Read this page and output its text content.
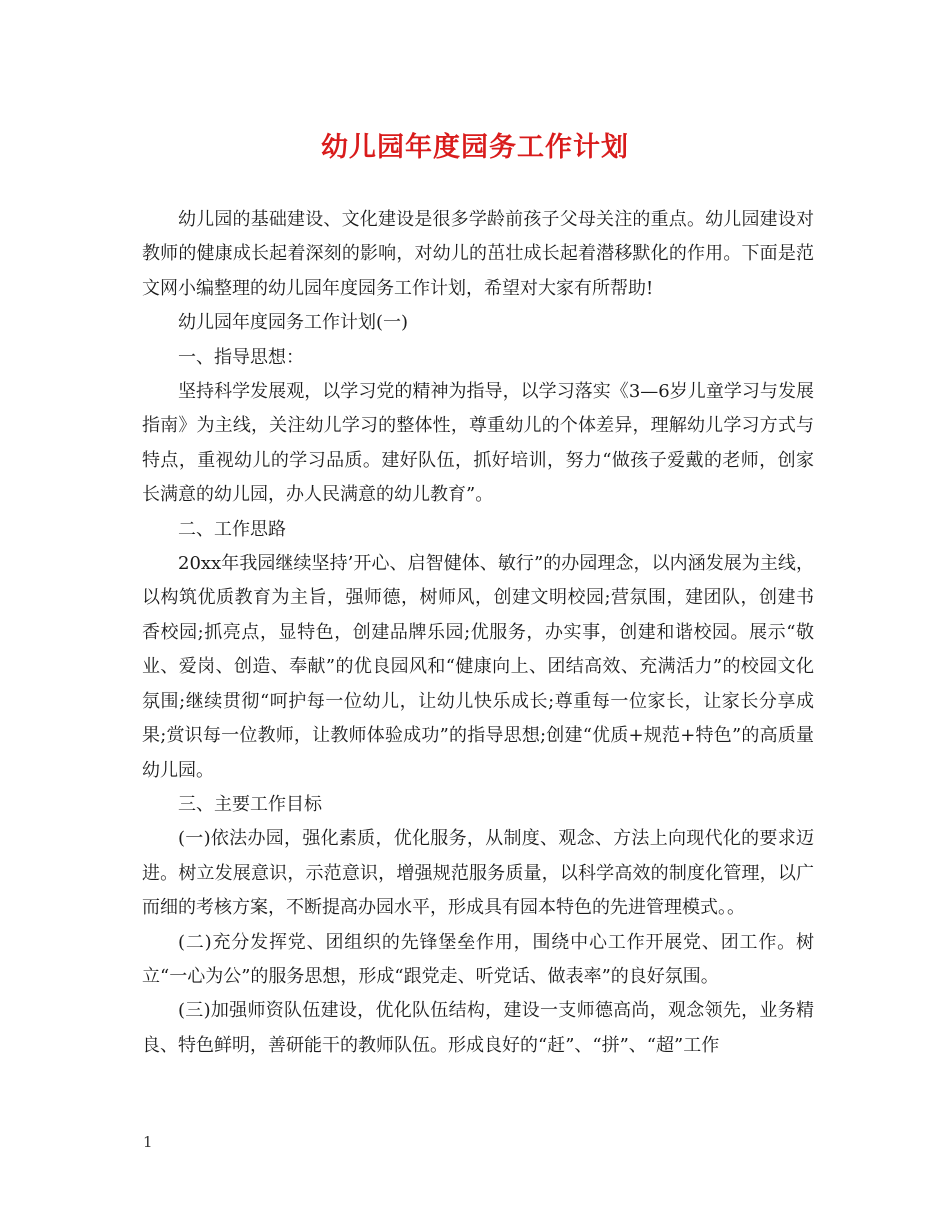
幼儿园年度园务工作计划

幼儿园的基础建设、文化建设是很多学龄前孩子父母关注的重点。幼儿园建设对教师的健康成长起着深刻的影响，对幼儿的茁壮成长起着潜移默化的作用。下面是范文网小编整理的幼儿园年度园务工作计划，希望对大家有所帮助!

幼儿园年度园务工作计划(一)

一、指导思想：

坚持科学发展观，以学习党的精神为指导，以学习落实《3—6岁儿童学习与发展指南》为主线，关注幼儿学习的整体性，尊重幼儿的个体差异，理解幼儿学习方式与特点，重视幼儿的学习品质。建好队伍，抓好培训，努力“做孩子爱戴的老师，创家长满意的幼儿园，办人民满意的幼儿教育”。

二、工作思路

20xx年我园继续坚持’开心、启智健体、敏行”的办园理念，以内涵发展为主线，以构筑优质教育为主旨，强师德，树师风，创建文明校园;营氛围，建团队，创建书香校园;抓亮点，显特色，创建品牌乐园;优服务，办实事，创建和谐校园。展示“敬业、爱岗、创造、奉献”的优良园风和“健康向上、团结高效、充满活力”的校园文化氛围;继续贯彻“呵护每一位幼儿，让幼儿快乐成长;尊重每一位家长，让家长分享成果;赏识每一位教师，让教师体验成功”的指导思想;创建“优质+规范+特色”的高质量幼儿园。

三、主要工作目标

(一)依法办园，强化素质，优化服务，从制度、观念、方法上向现代化的要求迈进。树立发展意识，示范意识，增强规范服务质量，以科学高效的制度化管理，以广而细的考核方案，不断提高办园水平，形成具有园本特色的先进管理模式。。

(二)充分发挥党、团组织的先锋堡垒作用，围绕中心工作开展党、团工作。树立“一心为公”的服务思想，形成“跟党走、听党话、做表率”的良好氛围。

(三)加强师资队伍建设，优化队伍结构，建设一支师德高尚，观念领先，业务精良、特色鲜明，善研能干的教师队伍。形成良好的“赶”、“拼”、“超”工作

1
